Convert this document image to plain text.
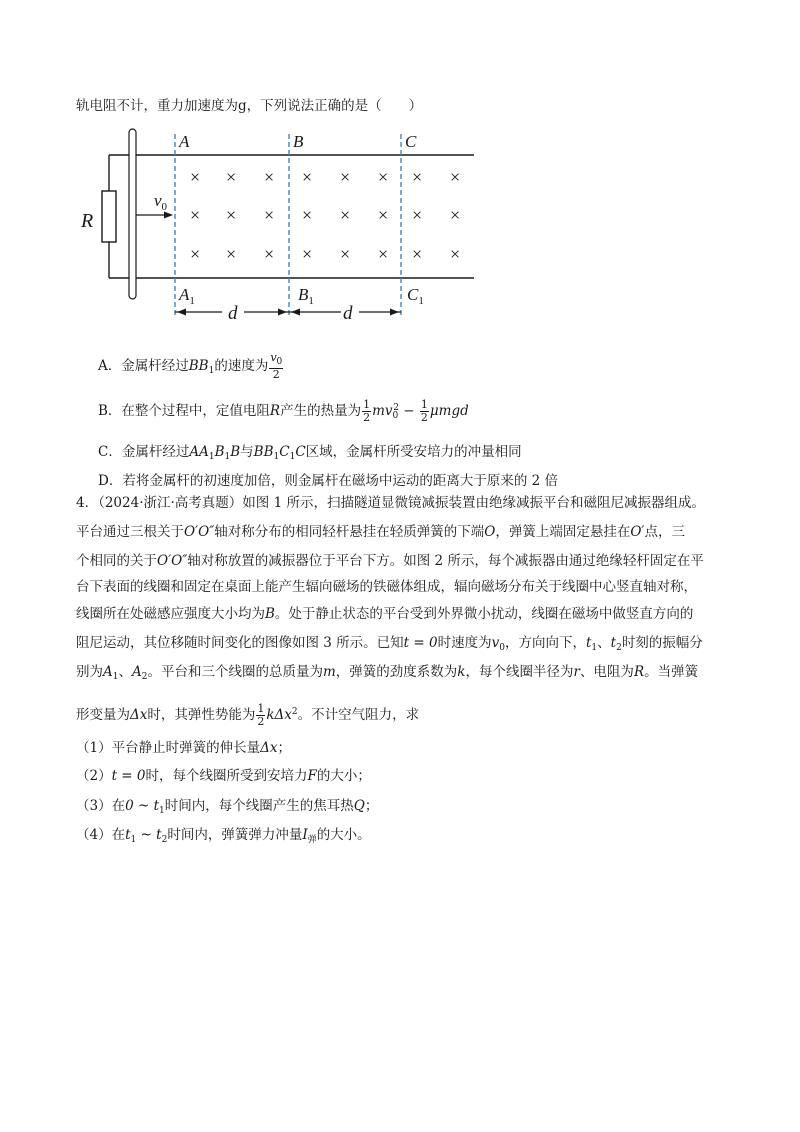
轨电阻不计，重力加速度为g，下列说法正确的是（　　）
R
$v_0$
A	B	C
$A_1$	$B_1$	$C_1$
× × × × × × × ×
× × × × × × × ×
× × × × × × × ×
d	d
A．金属杆经过$BB_1$的速度为 $\frac{v_0}{2}$
B．在整个过程中，定值电阻R产生的热量为 $\frac{1}{2} mv_0^2 - \frac{1}{2}$ μmgd
C．金属杆经过$AA_1B_1B$与$BB_1C_1C$区域，金属杆所受安培力的冲量相同
D．若将金属杆的初速度加倍，则金属杆在磁场中运动的距离大于原来的 2 倍
4．（2024·浙江·高考真题）如图 1 所示，扫描隧道显微镜减振装置由绝缘减振平台和磁阻尼减振器组成。
平台通过三根关于O′O″轴对称分布的相同轻杆悬挂在轻质弹簧的下端O，弹簧上端固定悬挂在O′点，三
个相同的关于O′O″轴对称放置的减振器位于平台下方。如图 2 所示，每个减振器由通过绝缘轻杆固定在平
台下表面的线圈和固定在桌面上能产生辐向磁场的铁磁体组成，辐向磁场分布关于线圈中心竖直轴对称，
线圈所在处磁感应强度大小均为B。处于静止状态的平台受到外界微小扰动，线圈在磁场中做竖直方向的
阻尼运动，其位移随时间变化的图像如图 3 所示。已知t = 0时速度为$v_0$，方向向下，$t_1$、$t_2$时刻的振幅分
别为$A_1$、$A_2$。平台和三个线圈的总质量为m，弹簧的劲度系数为k，每个线圈半径为r、电阻为R。当弹簧
形变量为Δx时，其弹性势能为 $\frac{1}{2} k\Delta x^2$。不计空气阻力，求
（1）平台静止时弹簧的伸长量Δx；
（2）t = 0时，每个线圈所受到安培力F的大小；
（3）在0 ~ $t_1$时间内，每个线圈产生的焦耳热Q；
（4）在$t_1$ ~ $t_2$时间内，弹簧弹力冲量$I_弹$的大小。
